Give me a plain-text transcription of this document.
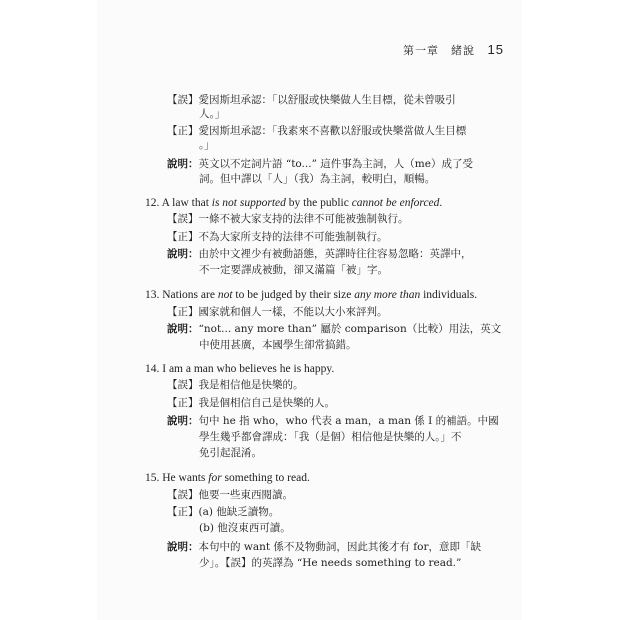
第一章　緒說 15
【誤】愛因斯坦承認：「以舒服或快樂做人生目標，從未曾吸引
人。」
【正】愛因斯坦承認：「我素來不喜歡以舒服或快樂當做人生目標
。」
說明：英文以不定詞片語 “to...” 這件事為主詞，人（me）成了受
詞。但中譯以「人」（我）為主詞，較明白，順暢。
12. A law that is not supported by the public cannot be enforced.
【誤】一條不被大家支持的法律不可能被強制執行。
【正】不為大家所支持的法律不可能強制執行。
說明：由於中文裡少有被動語態，英譯時往往容易忽略：英譯中，
不一定要譯成被動，卻又滿篇「被」字。
13. Nations are not to be judged by their size any more than individuals.
【正】國家就和個人一樣，不能以大小來評判。
說明：“not... any more than” 屬於 comparison（比較）用法，英文
中使用甚廣，本國學生卻常搞錯。
14. I am a man who believes he is happy.
【誤】我是相信他是快樂的。
【正】我是個相信自己是快樂的人。
說明：句中 he 指 who，who 代表 a man，a man 係 I 的補語。中國
學生幾乎都會譯成：「我（是個）相信他是快樂的人。」不
免引起混淆。
15. He wants for something to read.
【誤】他要一些東西閱讀。
【正】(a) 他缺乏讀物。
(b) 他沒東西可讀。
說明：本句中的 want 係不及物動詞，因此其後才有 for，意即「缺
少」。【誤】的英譯為 “He needs something to read.”
